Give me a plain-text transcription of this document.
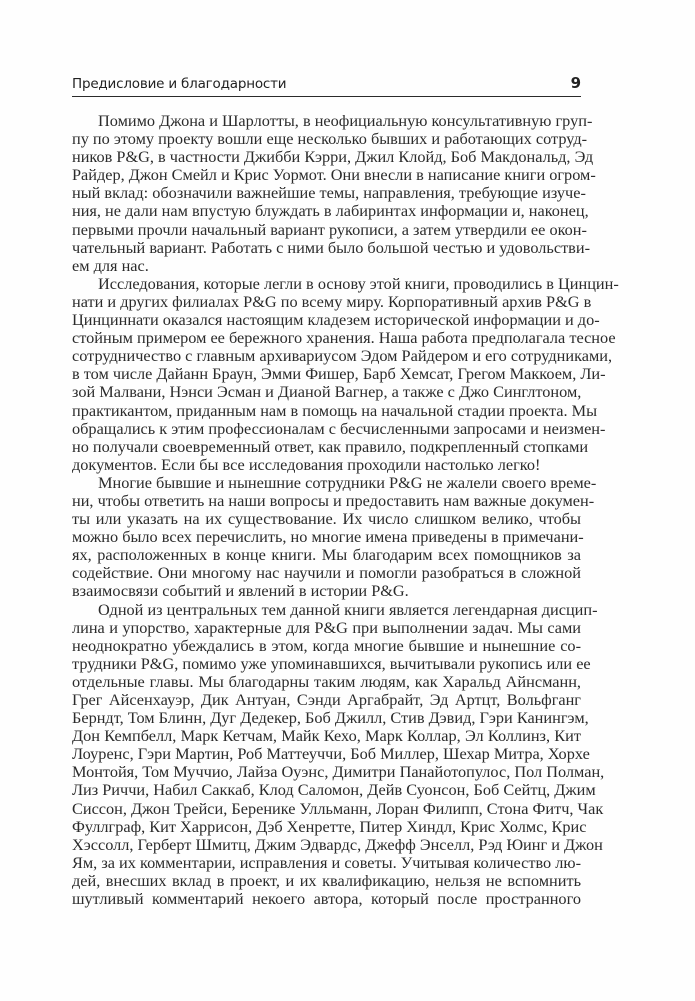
Предисловие и благодарности	9
Помимо Джона и Шарлотты, в неофициальную консультативную груп-
пу по этому проекту вошли еще несколько бывших и работающих сотруд-
ников P&G, в частности Джибби Кэрри, Джил Клойд, Боб Макдональд, Эд
Райдер, Джон Смейл и Крис Уормот. Они внесли в написание книги огром-
ный вклад: обозначили важнейшие темы, направления, требующие изуче-
ния, не дали нам впустую блуждать в лабиринтах информации и, наконец,
первыми прочли начальный вариант рукописи, а затем утвердили ее окон-
чательный вариант. Работать с ними было большой честью и удовольстви-
ем для нас.
Исследования, которые легли в основу этой книги, проводились в Цинцин-
нати и других филиалах P&G по всему миру. Корпоративный архив P&G в
Цинциннати оказался настоящим кладезем исторической информации и до-
стойным примером ее бережного хранения. Наша работа предполагала тесное
сотрудничество с главным архивариусом Эдом Райдером и его сотрудниками,
в том числе Дайанн Браун, Эмми Фишер, Барб Хемсат, Грегом Маккоем, Ли-
зой Малвани, Нэнси Эсман и Дианой Вагнер, а также с Джо Синглтоном,
практикантом, приданным нам в помощь на начальной стадии проекта. Мы
обращались к этим профессионалам с бесчисленными запросами и неизмен-
но получали своевременный ответ, как правило, подкрепленный стопками
документов. Если бы все исследования проходили настолько легко!
Многие бывшие и нынешние сотрудники P&G не жалели своего време-
ни, чтобы ответить на наши вопросы и предоставить нам важные докумен-
ты или указать на их существование. Их число слишком велико, чтобы
можно было всех перечислить, но многие имена приведены в примечани-
ях, расположенных в конце книги. Мы благодарим всех помощников за
содействие. Они многому нас научили и помогли разобраться в сложной
взаимосвязи событий и явлений в истории P&G.
Одной из центральных тем данной книги является легендарная дисцип-
лина и упорство, характерные для P&G при выполнении задач. Мы сами
неоднократно убеждались в этом, когда многие бывшие и нынешние со-
трудники P&G, помимо уже упоминавшихся, вычитывали рукопись или ее
отдельные главы. Мы благодарны таким людям, как Харальд Айнсманн,
Грег Айсенхауэр, Дик Антуан, Сэнди Аргабрайт, Эд Артцт, Вольфганг
Берндт, Том Блинн, Дуг Дедекер, Боб Джилл, Стив Дэвид, Гэри Канингэм,
Дон Кемпбелл, Марк Кетчам, Майк Кехо, Марк Коллар, Эл Коллинз, Кит
Лоуренс, Гэри Мартин, Роб Маттеуччи, Боб Миллер, Шехар Митра, Хорхе
Монтойя, Том Муччио, Лайза Оуэнс, Димитри Панайотопулос, Пол Полман,
Лиз Риччи, Набил Саккаб, Клод Саломон, Дейв Суонсон, Боб Сейтц, Джим
Сиссон, Джон Трейси, Беренике Улльманн, Лоран Филипп, Стона Фитч, Чак
Фуллграф, Кит Харрисон, Дэб Хенретте, Питер Хиндл, Крис Холмс, Крис
Хэссолл, Герберт Шмитц, Джим Эдвардс, Джефф Энселл, Рэд Юинг и Джон
Ям, за их комментарии, исправления и советы. Учитывая количество лю-
дей, внесших вклад в проект, и их квалификацию, нельзя не вспомнить
шутливый комментарий некоего автора, который после пространного
